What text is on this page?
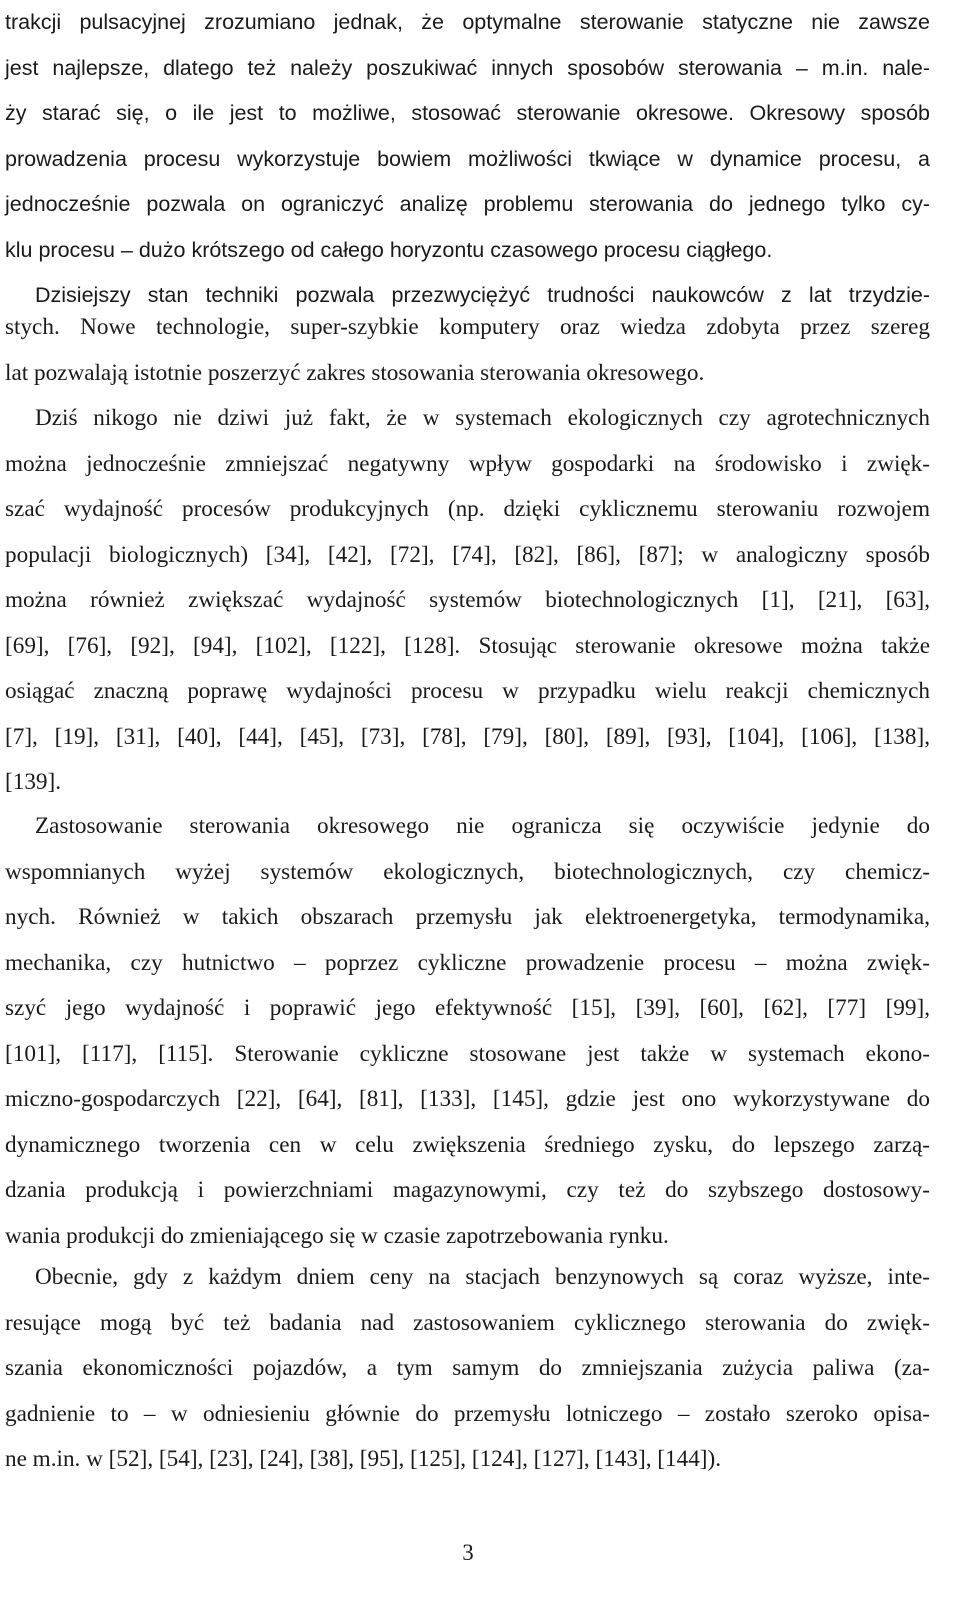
trakcji pulsacyjnej zrozumiano jednak, że optymalne sterowanie statyczne nie zawsze
jest najlepsze, dlatego też należy poszukiwać innych sposobów sterowania – m.in. nale-
ży starać się, o ile jest to możliwe, stosować sterowanie okresowe. Okresowy sposób
prowadzenia procesu wykorzystuje bowiem możliwości tkwiące w dynamice procesu, a
jednocześnie pozwala on ograniczyć analizę problemu sterowania do jednego tylko cy-
klu procesu – dużo krótszego od całego horyzontu czasowego procesu ciągłego.
Dzisiejszy stan techniki pozwala przezwyciężyć trudności naukowców z lat trzydzie-
stych. Nowe technologie, super-szybkie komputery oraz wiedza zdobyta przez szereg
lat pozwalają istotnie poszerzyć zakres stosowania sterowania okresowego.
Dziś nikogo nie dziwi już fakt, że w systemach ekologicznych czy agrotechnicznych
można jednocześnie zmniejszać negatywny wpływ gospodarki na środowisko i zwięk-
szać wydajność procesów produkcyjnych (np. dzięki cyklicznemu sterowaniu rozwojem
populacji biologicznych) [34], [42], [72], [74], [82], [86], [87]; w analogiczny sposób
można również zwiększać wydajność systemów biotechnologicznych [1], [21], [63],
[69], [76], [92], [94], [102], [122], [128]. Stosując sterowanie okresowe można także
osiągać znaczną poprawę wydajności procesu w przypadku wielu reakcji chemicznych
[7], [19], [31], [40], [44], [45], [73], [78], [79], [80], [89], [93], [104], [106], [138],
[139].
Zastosowanie sterowania okresowego nie ogranicza się oczywiście jedynie do
wspomnianych wyżej systemów ekologicznych, biotechnologicznych, czy chemicz-
nych. Również w takich obszarach przemysłu jak elektroenergetyka, termodynamika,
mechanika, czy hutnictwo – poprzez cykliczne prowadzenie procesu – można zwięk-
szyć jego wydajność i poprawić jego efektywność [15], [39], [60], [62], [77] [99],
[101], [117], [115]. Sterowanie cykliczne stosowane jest także w systemach ekono-
miczno-gospodarczych [22], [64], [81], [133], [145], gdzie jest ono wykorzystywane do
dynamicznego tworzenia cen w celu zwiększenia średniego zysku, do lepszego zarzą-
dzania produkcją i powierzchniami magazynowymi, czy też do szybszego dostosowy-
wania produkcji do zmieniającego się w czasie zapotrzebowania rynku.
Obecnie, gdy z każdym dniem ceny na stacjach benzynowych są coraz wyższe, inte-
resujące mogą być też badania nad zastosowaniem cyklicznego sterowania do zwięk-
szania ekonomiczności pojazdów, a tym samym do zmniejszania zużycia paliwa (za-
gadnienie to – w odniesieniu głównie do przemysłu lotniczego – zostało szeroko opisa-
ne m.in. w [52], [54], [23], [24], [38], [95], [125], [124], [127], [143], [144]).
3
